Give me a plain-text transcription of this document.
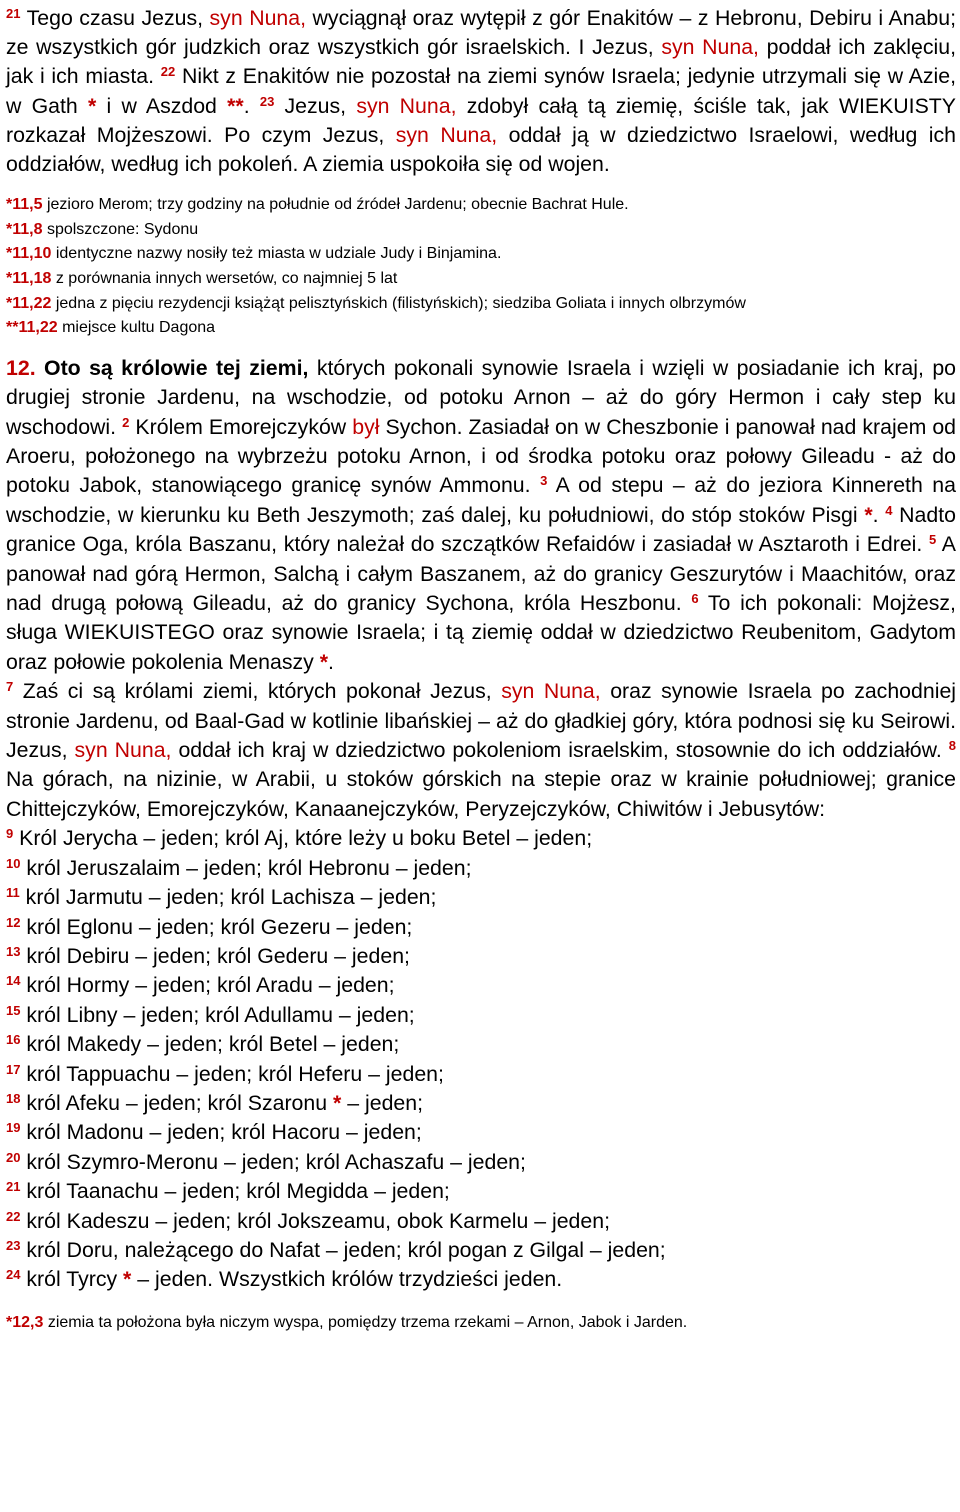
$^{21}$ Tego czasu Jezus, syn Nuna, wyciągnął oraz wytępił z gór Enakitów – z Hebronu, Debiru i Anabu; ze wszystkich gór judzkich oraz wszystkich gór israelskich. I Jezus, syn Nuna, poddał ich zaklęciu, jak i ich miasta. $^{22}$ Nikt z Enakitów nie pozostał na ziemi synów Israela; jedynie utrzymali się w Azie, w Gath * i w Aszdod **. $^{23}$ Jezus, syn Nuna, zdobył całą tą ziemię, ściśle tak, jak WIEKUISTY rozkazał Mojżeszowi. Po czym Jezus, syn Nuna, oddał ją w dziedzictwo Israelowi, według ich oddziałów, według ich pokoleń. A ziemia uspokoiła się od wojen.

*11,5 jezioro Merom; trzy godziny na południe od źródeł Jardenu; obecnie Bachrat Hule.
*11,8 spolszczone: Sydonu
*11,10 identyczne nazwy nosiły też miasta w udziale Judy i Binjamina.
*11,18 z porównania innych wersetów, co najmniej 5 lat
*11,22 jedna z pięciu rezydencji książąt pelisztyńskich (filistyńskich); siedziba Goliata i innych olbrzymów
**11,22 miejsce kultu Dagona

12. Oto są królowie tej ziemi, których pokonali synowie Israela i wzięli w posiadanie ich kraj, po drugiej stronie Jardenu, na wschodzie, od potoku Arnon – aż do góry Hermon i cały step ku wschodowi. $^2$ Królem Emorejczyków był Sychon. Zasiadał on w Cheszbonie i panował nad krajem od Aroeru, położonego na wybrzeżu potoku Arnon, i od środka potoku oraz połowy Gileadu - aż do potoku Jabok, stanowiącego granicę synów Ammonu. $^3$ A od stepu – aż do jeziora Kinnereth na wschodzie, w kierunku ku Beth Jeszymoth; zaś dalej, ku południowi, do stóp stoków Pisgi *. $^4$ Nadto granice Oga, króla Baszanu, który należał do szczątków Refaidów i zasiadał w Asztaroth i Edrei. $^5$ A panował nad górą Hermon, Salchą i całym Baszanem, aż do granicy Geszurytów i Maachitów, oraz nad drugą połową Gileadu, aż do granicy Sychona, króla Heszbonu. $^6$ To ich pokonali: Mojżesz, sługa WIEKUISTEGO oraz synowie Israela; i tą ziemię oddał w dziedzictwo Reubenitom, Gadytom oraz połowie pokolenia Menaszy *.

$^7$ Zaś ci są królami ziemi, których pokonał Jezus, syn Nuna, oraz synowie Israela po zachodniej stronie Jardenu, od Baal-Gad w kotlinie libańskiej – aż do gładkiej góry, która podnosi się ku Seirowi. Jezus, syn Nuna, oddał ich kraj w dziedzictwo pokoleniom israelskim, stosownie do ich oddziałów. $^8$ Na górach, na nizinie, w Arabii, u stoków górskich na stepie oraz w krainie południowej; granice Chittejczyków, Emorejczyków, Kanaanejczyków, Peryzejczyków, Chiwitów i Jebusytów:

$^9$ Król Jerycha – jeden; król Aj, które leży u boku Betel – jeden;
$^{10}$ król Jeruszalaim – jeden; król Hebronu – jeden;
$^{11}$ król Jarmutu – jeden; król Lachisza – jeden;
$^{12}$ król Eglonu – jeden; król Gezeru – jeden;
$^{13}$ król Debiru – jeden; król Gederu – jeden;
$^{14}$ król Hormy – jeden; król Aradu – jeden;
$^{15}$ król Libny – jeden; król Adullamu – jeden;
$^{16}$ król Makedy – jeden; król Betel – jeden;
$^{17}$ król Tappuachu – jeden; król Heferu – jeden;
$^{18}$ król Afeku – jeden; król Szaronu * – jeden;
$^{19}$ król Madonu – jeden; król Hacoru – jeden;
$^{20}$ król Szymro-Meronu – jeden; król Achaszafu – jeden;
$^{21}$ król Taanachu – jeden; król Megidda – jeden;
$^{22}$ król Kadeszu – jeden; król Jokszeamu, obok Karmelu – jeden;
$^{23}$ król Doru, należącego do Nafat – jeden; król pogan z Gilgal – jeden;
$^{24}$ król Tyrcy * – jeden. Wszystkich królów trzydzieści jeden.
*12,3 ziemia ta położona była niczym wyspa, pomiędzy trzema rzekami – Arnon, Jabok i Jarden.
